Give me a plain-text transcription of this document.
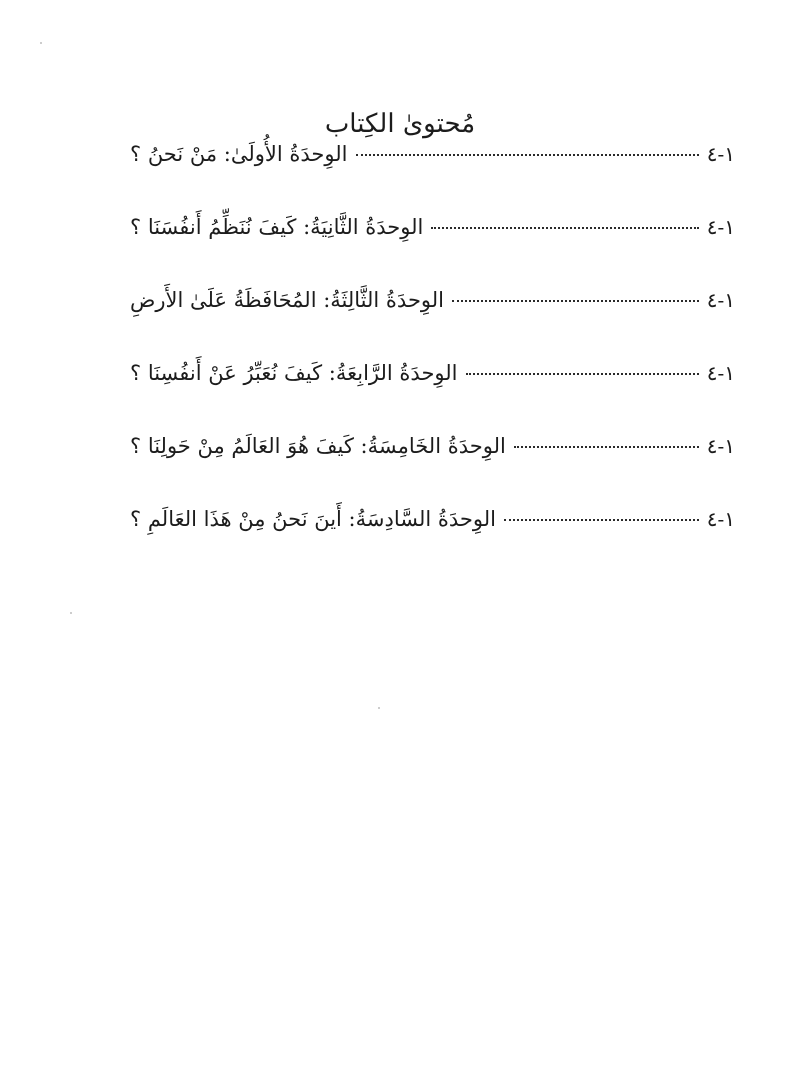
مُحتوىٰ الكِتاب
الوِحدَةُ الأُولَىٰ: مَنْ نَحنُ ؟	١-٤
الوِحدَةُ الثَّانِيَةُ: كَيفَ نُنَظِّمُ أَنفُسَنَا ؟	١-٤
الوِحدَةُ الثَّالِثَةُ: المُحَافَظَةُ عَلَىٰ الأَرضِ	١-٤
الوِحدَةُ الرَّابِعَةُ: كَيفَ نُعَبِّرُ عَنْ أَنفُسِنَا ؟	١-٤
الوِحدَةُ الخَامِسَةُ: كَيفَ هُوَ العَالَمُ مِنْ حَولِنَا ؟	١-٤
الوِحدَةُ السَّادِسَةُ: أَينَ نَحنُ مِنْ هَذَا العَالَمِ ؟	١-٤
